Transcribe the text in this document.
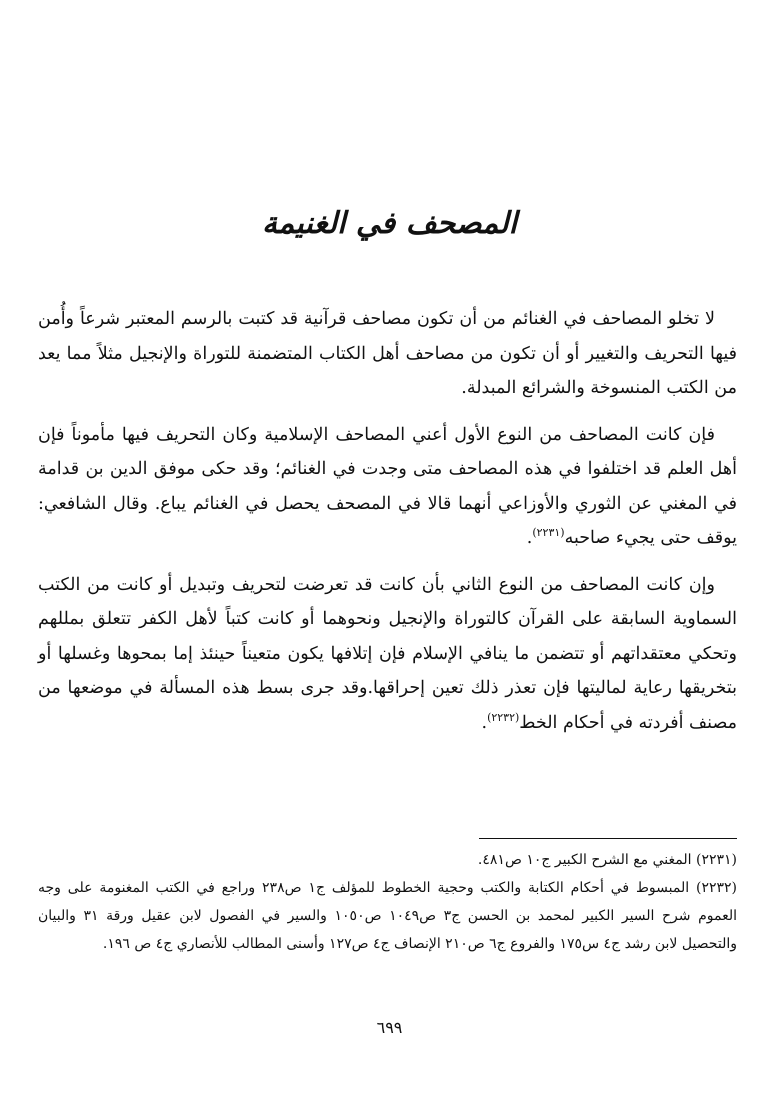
المصحف في الغنيمة

لا تخلو المصاحف في الغنائم من أن تكون مصاحف قرآنية قد كتبت بالرسم المعتبر شرعاً وأُمن فيها التحريف والتغيير أو أن تكون من مصاحف أهل الكتاب المتضمنة للتوراة والإنجيل مثلاً مما يعد من الكتب المنسوخة والشرائع المبدلة.

فإن كانت المصاحف من النوع الأول أعني المصاحف الإسلامية وكان التحريف فيها مأموناً فإن أهل العلم قد اختلفوا في هذه المصاحف متى وجدت في الغنائم؛ وقد حكى موفق الدين بن قدامة في المغني عن الثوري والأوزاعي أنهما قالا في المصحف يحصل في الغنائم يباع. وقال الشافعي: يوقف حتى يجيء صاحبه$^{(٢٢٣١)}$.

وإن كانت المصاحف من النوع الثاني بأن كانت قد تعرضت لتحريف وتبديل أو كانت من الكتب السماوية السابقة على القرآن كالتوراة والإنجيل ونحوهما أو كانت كتباً لأهل الكفر تتعلق بمللهم وتحكي معتقداتهم أو تتضمن ما ينافي الإسلام فإن إتلافها يكون متعيناً حينئذ إما بمحوها وغسلها أو بتخريقها رعاية لماليتها فإن تعذر ذلك تعين إحراقها.وقد جرى بسط هذه المسألة في موضعها من مصنف أفردته في أحكام الخط$^{(٢٢٣٢)}$.

(٢٢٣١) المغني مع الشرح الكبير ج١٠ ص٤٨١.

(٢٢٣٢) المبسوط في أحكام الكتابة والكتب وحجية الخطوط للمؤلف ج١ ص٢٣٨ وراجع في الكتب المغنومة على وجه العموم شرح السير الكبير لمحمد بن الحسن ج٣ ص١٠٤٩ ص١٠٥٠ والسير في الفصول لابن عقيل ورقة ٣١ والبيان والتحصيل لابن رشد ج٤ س١٧٥ والفروع ج٦ ص٢١٠ الإنصاف ج٤ ص١٢٧ وأسنى المطالب للأنصاري ج٤ ص ١٩٦.

٦٩٩
